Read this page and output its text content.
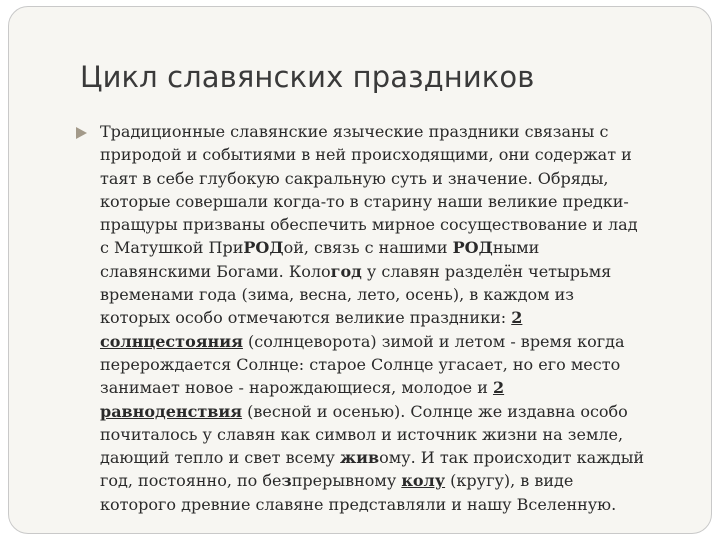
Цикл славянских праздников
Традиционные славянские языческие праздники связаны с
природой и событиями в ней происходящими, они содержат и
таят в себе глубокую сакральную суть и значение. Обряды,
которые совершали когда-то в старину наши великие предки-
пращуры призваны обеспечить мирное сосуществование и лад
с Матушкой ПриРОДой, связь с нашими РОДными
славянскими Богами. Кологод у славян разделён четырьмя
временами года (зима, весна, лето, осень), в каждом из
которых особо отмечаются великие праздники: 2
солнцестояния (солнцеворота) зимой и летом - время когда
перерождается Солнце: старое Солнце угасает, но его место
занимает новое - нарождающиеся, молодое и 2
равноденствия (весной и осенью). Солнце же издавна особо
почиталось у славян как символ и источник жизни на земле,
дающий тепло и свет всему живому. И так происходит каждый
год, постоянно, по безпрерывному колу (кругу), в виде
которого древние славяне представляли и нашу Вселенную.
